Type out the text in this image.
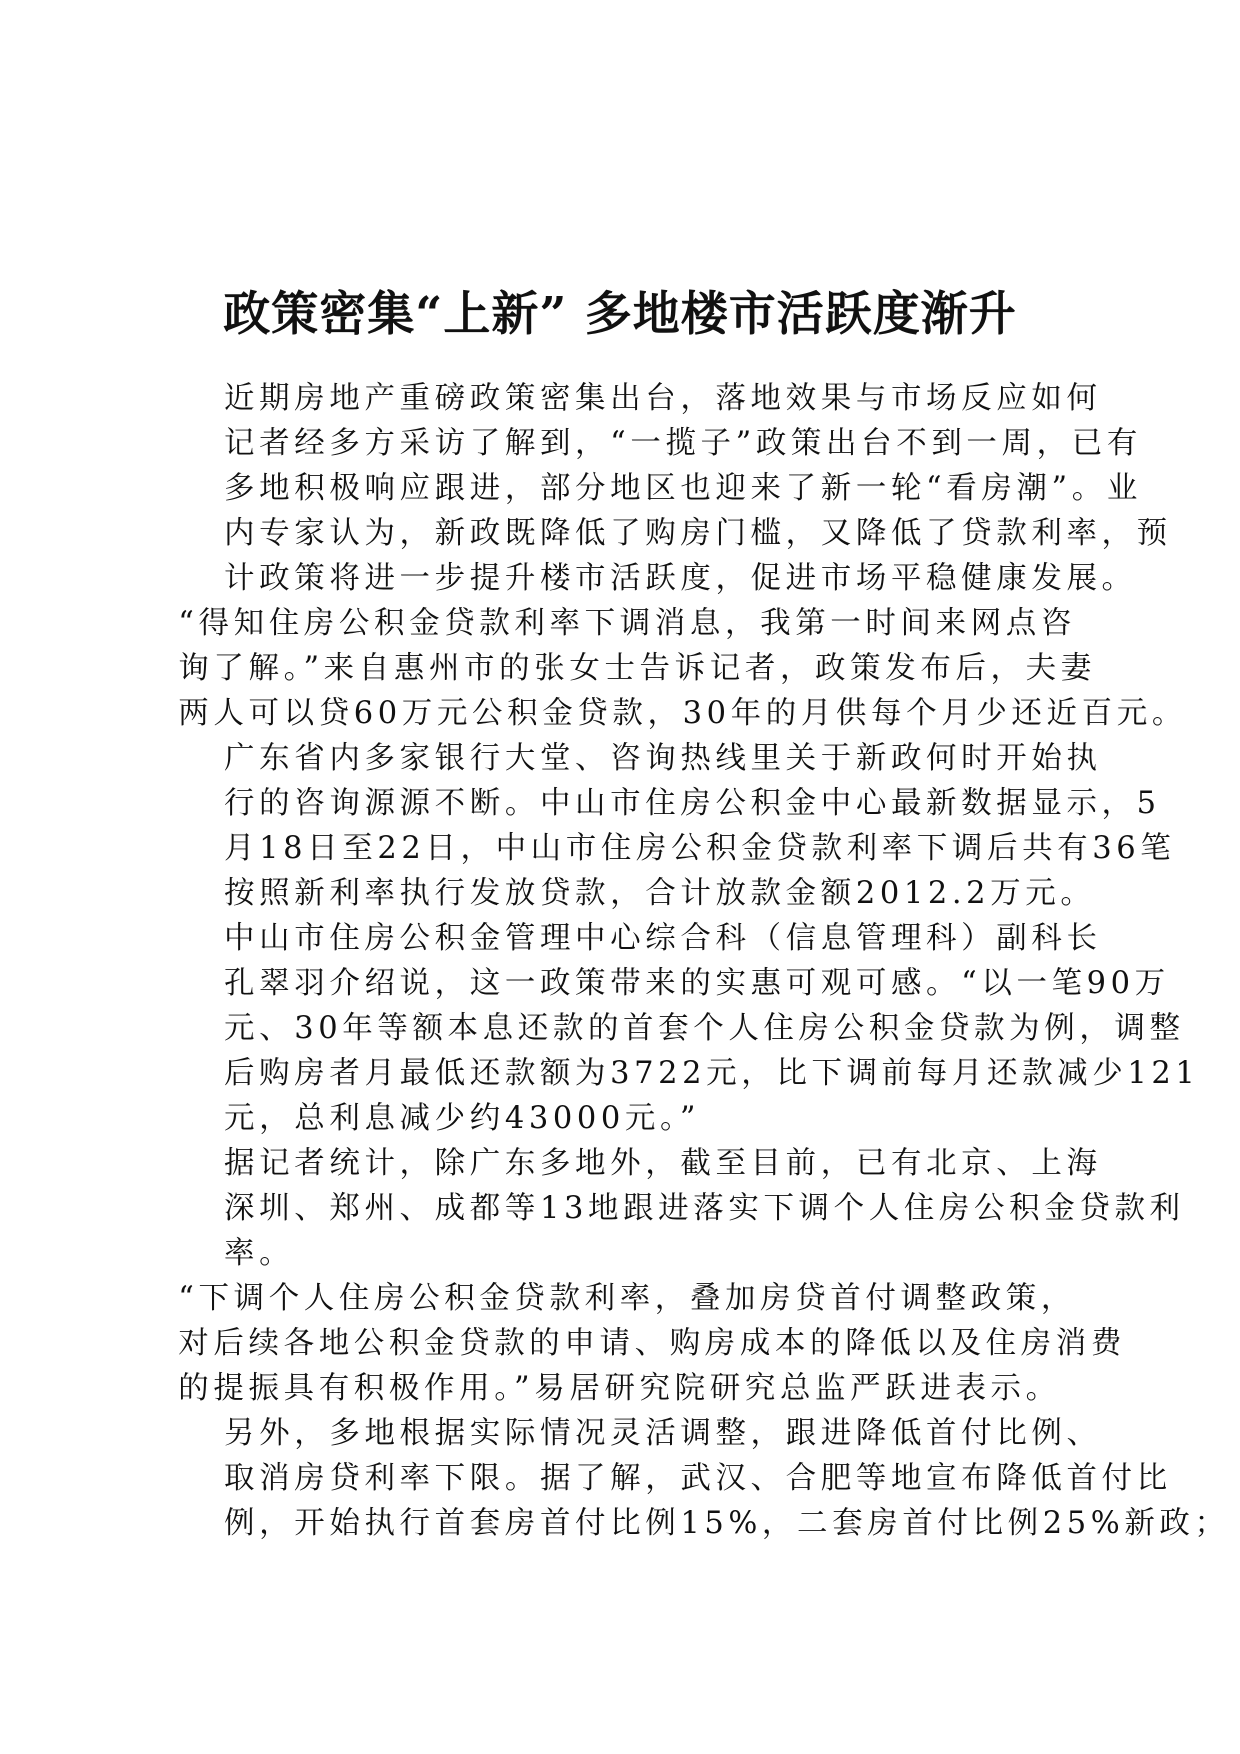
政策密集“上新” 多地楼市活跃度渐升

近期房地产重磅政策密集出台，落地效果与市场反应如何
记者经多方采访了解到，“一揽子”政策出台不到一周，已有
多地积极响应跟进，部分地区也迎来了新一轮“看房潮”。业
内专家认为，新政既降低了购房门槛，又降低了贷款利率，预
计政策将进一步提升楼市活跃度，促进市场平稳健康发展。

“得知住房公积金贷款利率下调消息，我第一时间来网点咨
询了解。”来自惠州市的张女士告诉记者，政策发布后，夫妻
两人可以贷60万元公积金贷款，30年的月供每个月少还近百元。

广东省内多家银行大堂、咨询热线里关于新政何时开始执
行的咨询源源不断。中山市住房公积金中心最新数据显示，5
月18日至22日，中山市住房公积金贷款利率下调后共有36笔
按照新利率执行发放贷款，合计放款金额2012.2万元。

中山市住房公积金管理中心综合科（信息管理科）副科长
孔翠羽介绍说，这一政策带来的实惠可观可感。“以一笔90万
元、30年等额本息还款的首套个人住房公积金贷款为例，调整
后购房者月最低还款额为3722元，比下调前每月还款减少121
元，总利息减少约43000元。”

据记者统计，除广东多地外，截至目前，已有北京、上海
深圳、郑州、成都等13地跟进落实下调个人住房公积金贷款利
率。

“下调个人住房公积金贷款利率，叠加房贷首付调整政策，
对后续各地公积金贷款的申请、购房成本的降低以及住房消费
的提振具有积极作用。”易居研究院研究总监严跃进表示。

另外，多地根据实际情况灵活调整，跟进降低首付比例、
取消房贷利率下限。据了解，武汉、合肥等地宣布降低首付比
例，开始执行首套房首付比例15%，二套房首付比例25%新政；
